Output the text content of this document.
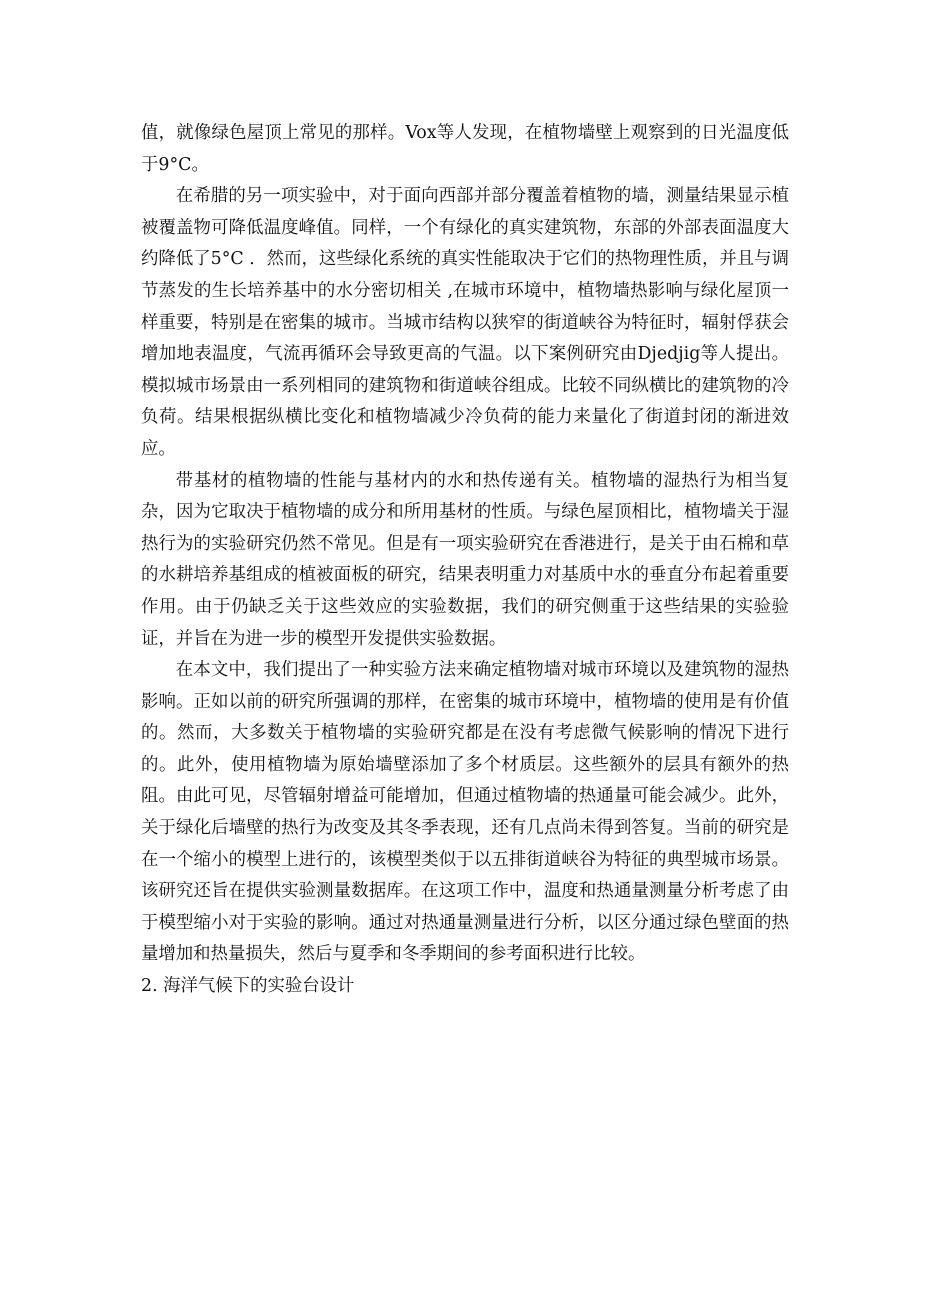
值，就像绿色屋顶上常见的那样。Vox等人发现，在植物墙壁上观察到的日光温度低于9°C。

在希腊的另一项实验中，对于面向西部并部分覆盖着植物的墙，测量结果显示植被覆盖物可降低温度峰值。同样，一个有绿化的真实建筑物，东部的外部表面温度大约降低了5°C ．然而，这些绿化系统的真实性能取决于它们的热物理性质，并且与调节蒸发的生长培养基中的水分密切相关 ,在城市环境中，植物墙热影响与绿化屋顶一样重要，特别是在密集的城市。当城市结构以狭窄的街道峡谷为特征时，辐射俘获会增加地表温度，气流再循环会导致更高的气温。以下案例研究由Djedjig等人提出。模拟城市场景由一系列相同的建筑物和街道峡谷组成。比较不同纵横比的建筑物的冷负荷。结果根据纵横比变化和植物墙减少冷负荷的能力来量化了街道封闭的渐进效应。

带基材的植物墙的性能与基材内的水和热传递有关。植物墙的湿热行为相当复杂，因为它取决于植物墙的成分和所用基材的性质。与绿色屋顶相比，植物墙关于湿热行为的实验研究仍然不常见。但是有一项实验研究在香港进行，是关于由石棉和草的水耕培养基组成的植被面板的研究，结果表明重力对基质中水的垂直分布起着重要作用。由于仍缺乏关于这些效应的实验数据，我们的研究侧重于这些结果的实验验证，并旨在为进一步的模型开发提供实验数据。

在本文中，我们提出了一种实验方法来确定植物墙对城市环境以及建筑物的湿热影响。正如以前的研究所强调的那样，在密集的城市环境中，植物墙的使用是有价值的。然而，大多数关于植物墙的实验研究都是在没有考虑微气候影响的情况下进行的。此外，使用植物墙为原始墙壁添加了多个材质层。这些额外的层具有额外的热阻。由此可见，尽管辐射增益可能增加，但通过植物墙的热通量可能会减少。此外，关于绿化后墙壁的热行为改变及其冬季表现，还有几点尚未得到答复。当前的研究是在一个缩小的模型上进行的，该模型类似于以五排街道峡谷为特征的典型城市场景。该研究还旨在提供实验测量数据库。在这项工作中，温度和热通量测量分析考虑了由于模型缩小对于实验的影响。通过对热通量测量进行分析，以区分通过绿色壁面的热量增加和热量损失，然后与夏季和冬季期间的参考面积进行比较。

2. 海洋气候下的实验台设计
